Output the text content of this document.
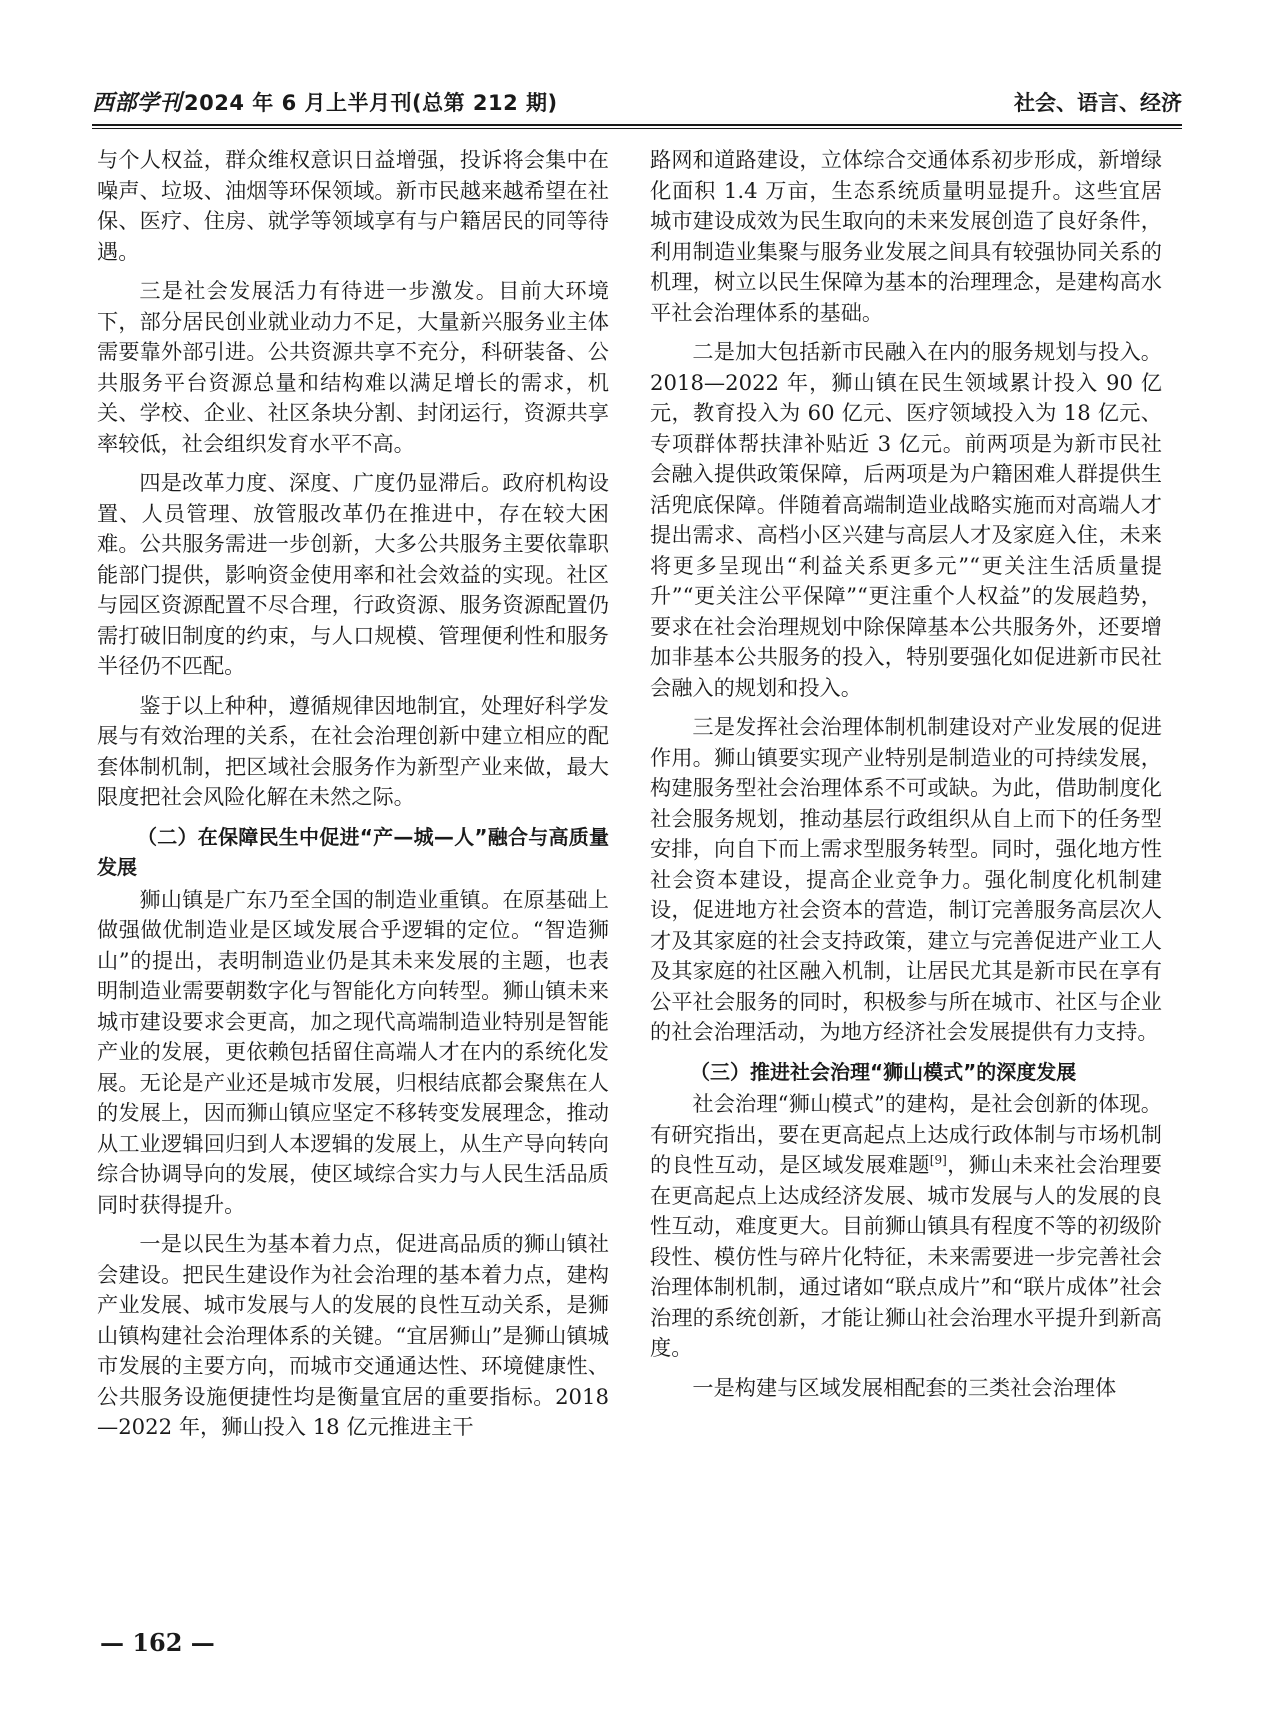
西部学刊2024 年 6 月上半月刊(总第 212 期)	社会、语言、经济

与个人权益，群众维权意识日益增强，投诉将会集中在噪声、垃圾、油烟等环保领域。新市民越来越希望在社保、医疗、住房、就学等领域享有与户籍居民的同等待遇。

三是社会发展活力有待进一步激发。目前大环境下，部分居民创业就业动力不足，大量新兴服务业主体需要靠外部引进。公共资源共享不充分，科研装备、公共服务平台资源总量和结构难以满足增长的需求，机关、学校、企业、社区条块分割、封闭运行，资源共享率较低，社会组织发育水平不高。

四是改革力度、深度、广度仍显滞后。政府机构设置、人员管理、放管服改革仍在推进中，存在较大困难。公共服务需进一步创新，大多公共服务主要依靠职能部门提供，影响资金使用率和社会效益的实现。社区与园区资源配置不尽合理，行政资源、服务资源配置仍需打破旧制度的约束，与人口规模、管理便利性和服务半径仍不匹配。

鉴于以上种种，遵循规律因地制宜，处理好科学发展与有效治理的关系，在社会治理创新中建立相应的配套体制机制，把区域社会服务作为新型产业来做，最大限度把社会风险化解在未然之际。

（二）在保障民生中促进“产—城—人”融合与高质量发展

狮山镇是广东乃至全国的制造业重镇。在原基础上做强做优制造业是区域发展合乎逻辑的定位。“智造狮山”的提出，表明制造业仍是其未来发展的主题，也表明制造业需要朝数字化与智能化方向转型。狮山镇未来城市建设要求会更高，加之现代高端制造业特别是智能产业的发展，更依赖包括留住高端人才在内的系统化发展。无论是产业还是城市发展，归根结底都会聚焦在人的发展上，因而狮山镇应坚定不移转变发展理念，推动从工业逻辑回归到人本逻辑的发展上，从生产导向转向综合协调导向的发展，使区域综合实力与人民生活品质同时获得提升。

一是以民生为基本着力点，促进高品质的狮山镇社会建设。把民生建设作为社会治理的基本着力点，建构产业发展、城市发展与人的发展的良性互动关系，是狮山镇构建社会治理体系的关键。“宜居狮山”是狮山镇城市发展的主要方向，而城市交通通达性、环境健康性、公共服务设施便捷性均是衡量宜居的重要指标。2018—2022 年，狮山投入 18 亿元推进主干

路网和道路建设，立体综合交通体系初步形成，新增绿化面积 1.4 万亩，生态系统质量明显提升。这些宜居城市建设成效为民生取向的未来发展创造了良好条件，利用制造业集聚与服务业发展之间具有较强协同关系的机理，树立以民生保障为基本的治理理念，是建构高水平社会治理体系的基础。

二是加大包括新市民融入在内的服务规划与投入。2018—2022 年，狮山镇在民生领域累计投入 90 亿元，教育投入为 60 亿元、医疗领域投入为 18 亿元、专项群体帮扶津补贴近 3 亿元。前两项是为新市民社会融入提供政策保障，后两项是为户籍困难人群提供生活兜底保障。伴随着高端制造业战略实施而对高端人才提出需求、高档小区兴建与高层人才及家庭入住，未来将更多呈现出“利益关系更多元”“更关注生活质量提升”“更关注公平保障”“更注重个人权益”的发展趋势，要求在社会治理规划中除保障基本公共服务外，还要增加非基本公共服务的投入，特别要强化如促进新市民社会融入的规划和投入。

三是发挥社会治理体制机制建设对产业发展的促进作用。狮山镇要实现产业特别是制造业的可持续发展，构建服务型社会治理体系不可或缺。为此，借助制度化社会服务规划，推动基层行政组织从自上而下的任务型安排，向自下而上需求型服务转型。同时，强化地方性社会资本建设，提高企业竞争力。强化制度化机制建设，促进地方社会资本的营造，制订完善服务高层次人才及其家庭的社会支持政策，建立与完善促进产业工人及其家庭的社区融入机制，让居民尤其是新市民在享有公平社会服务的同时，积极参与所在城市、社区与企业的社会治理活动，为地方经济社会发展提供有力支持。

（三）推进社会治理“狮山模式”的深度发展

社会治理“狮山模式”的建构，是社会创新的体现。有研究指出，要在更高起点上达成行政体制与市场机制的良性互动，是区域发展难题[9]，狮山未来社会治理要在更高起点上达成经济发展、城市发展与人的发展的良性互动，难度更大。目前狮山镇具有程度不等的初级阶段性、模仿性与碎片化特征，未来需要进一步完善社会治理体制机制，通过诸如“联点成片”和“联片成体”社会治理的系统创新，才能让狮山社会治理水平提升到新高度。

一是构建与区域发展相配套的三类社会治理体

— 162 —
